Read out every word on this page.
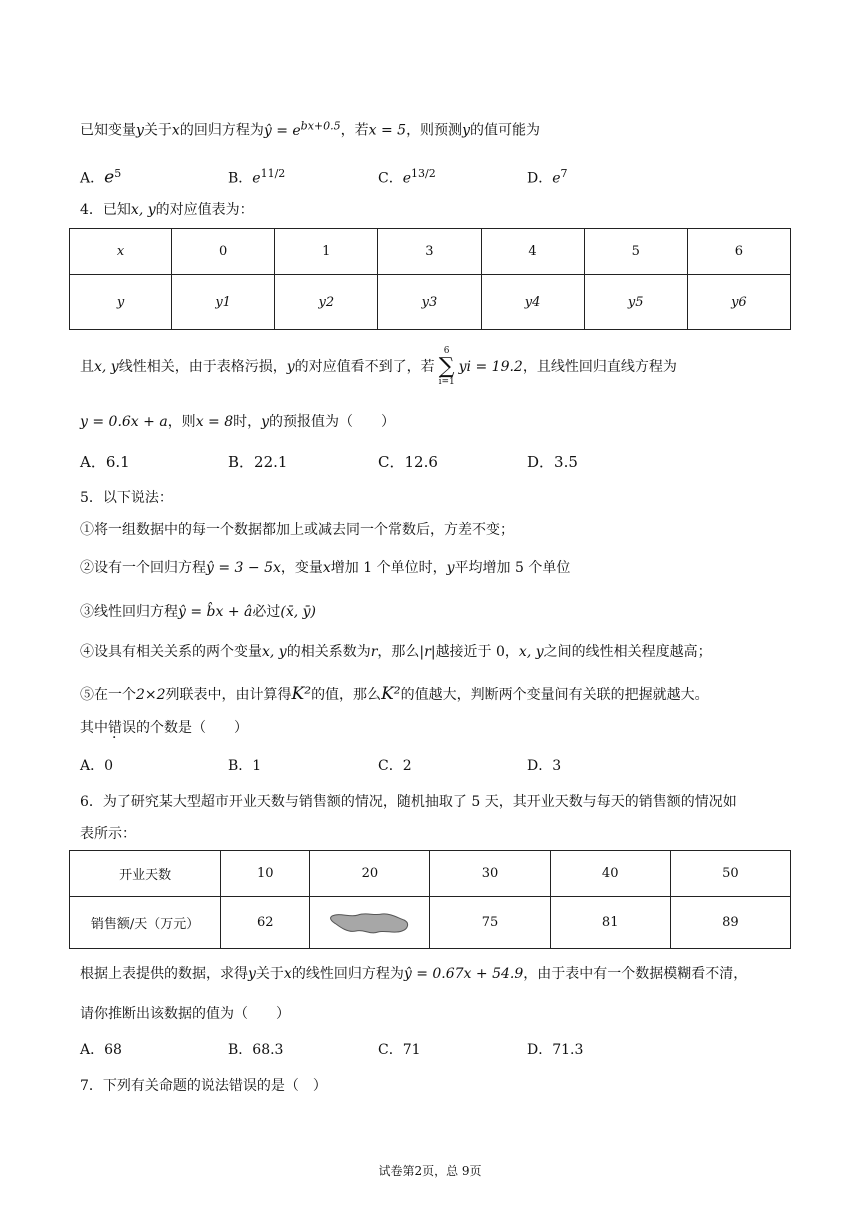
已知变量y关于x的回归方程为ŷ = $e^{bx+0.5}$，若x = 5，则预测y的值可能为
A．$e^5$	B．$e^{11/2}$	C．$e^{13/2}$	D．$e^7$
4．已知x, y的对应值表为：
x	0	1	3	4	5	6
y	y1	y2	y3	y4	y5	y6
且x, y线性相关，由于表格污损，y的对应值看不到了，若
6
∑
i=1
yi = 19.2，且线性回归直线方程为
y = 0.6x + a，则x = 8时，y的预报值为（　　）
A．6.1	B．22.1	C．12.6	D．3.5
5．以下说法：
①将一组数据中的每一个数据都加上或减去同一个常数后，方差不变；
②设有一个回归方程ŷ = 3 − 5x，变量x增加 1 个单位时，y平均增加 5 个单位
③线性回归方程ŷ = b̂x + â必过(x̄, ȳ)
④设具有相关关系的两个变量x, y的相关系数为r，那么|r|越接近于 0，x, y之间的线性相关程度越高；
⑤在一个2×2列联表中，由计算得K²的值，那么K²的值越大，判断两个变量间有关联的把握就越大。
其中错误的个数是（　　）
A．0	B．1	C．2	D．3
6．为了研究某大型超市开业天数与销售额的情况，随机抽取了 5 天，其开业天数与每天的销售额的情况如
表所示：
开业天数	10	20	30	40	50
销售额/天（万元）	62		75	81	89
根据上表提供的数据，求得y关于x的线性回归方程为ŷ = 0.67x + 54.9，由于表中有一个数据模糊看不清，
请你推断出该数据的值为（　　）
A．68	B．68.3	C．71	D．71.3
7．下列有关命题的说法错误的是（　）
试卷第2页，总 9页
